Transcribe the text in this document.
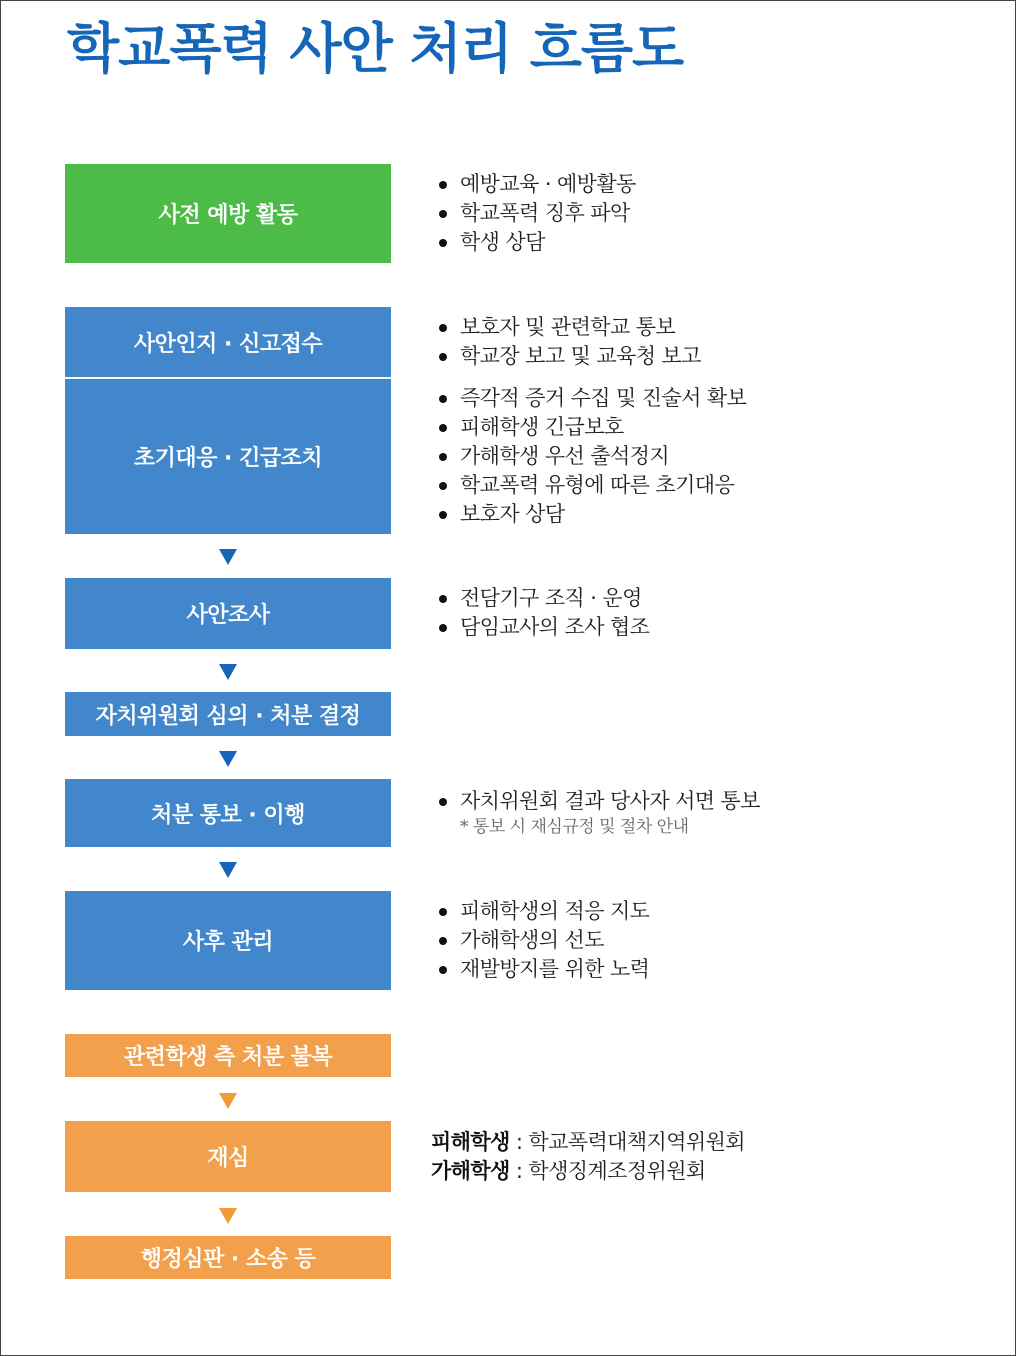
학교폭력 사안 처리 흐름도
사전 예방 활동
사안인지 · 신고접수
초기대응 · 긴급조치
사안조사
자치위원회 심의 · 처분 결정
처분 통보 · 이행
사후 관리
관련학생 측 처분 불복
재심
행정심판 · 소송 등
예방교육 · 예방활동
학교폭력 징후 파악
학생 상담
보호자 및 관련학교 통보
학교장 보고 및 교육청 보고
즉각적 증거 수집 및 진술서 확보
피해학생 긴급보호
가해학생 우선 출석정지
학교폭력 유형에 따른 초기대응
보호자 상담
전담기구 조직 · 운영
담임교사의 조사 협조
자치위원회 결과 당사자 서면 통보
* 통보 시 재심규정 및 절차 안내
피해학생의 적응 지도
가해학생의 선도
재발방지를 위한 노력
피해학생 : 학교폭력대책지역위원회
가해학생 : 학생징계조정위원회
